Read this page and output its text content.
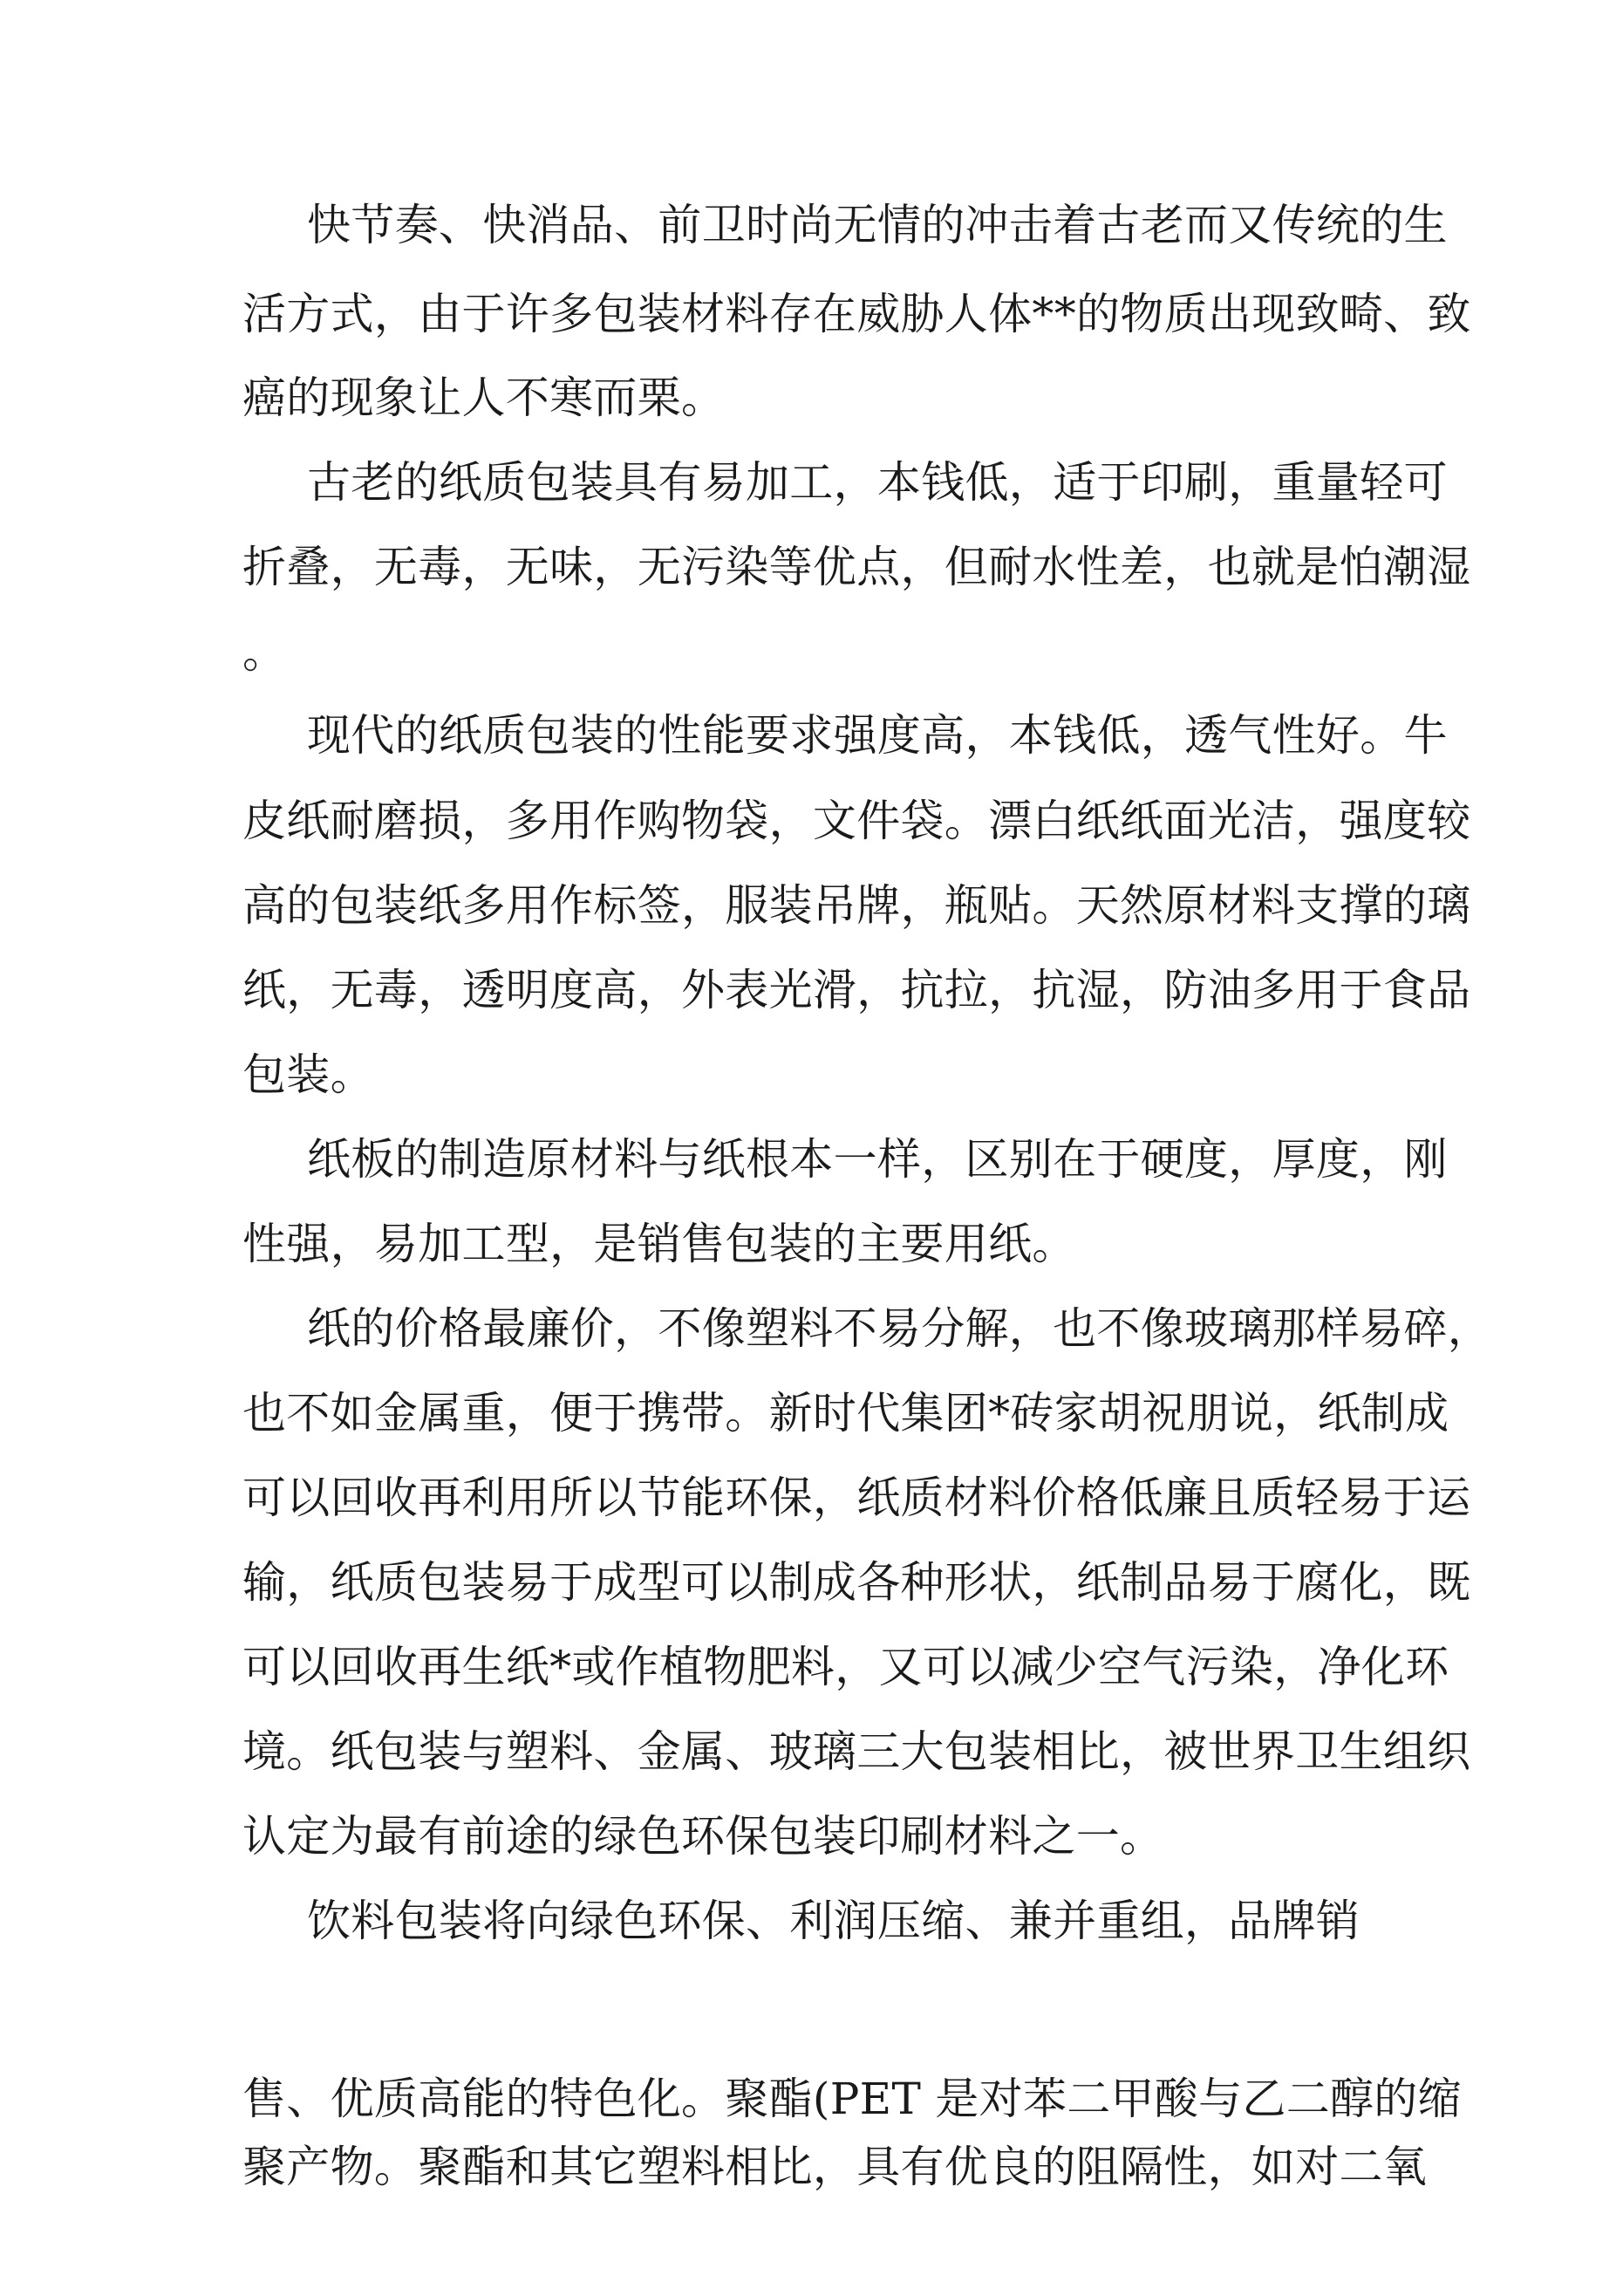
快节奏、快消品、前卫时尚无情的冲击着古老而又传统的生
活方式，由于许多包装材料存在威胁人体**的物质出现致畸、致
癌的现象让人不寒而栗。
古老的纸质包装具有易加工，本钱低，适于印刷，重量轻可
折叠，无毒，无味，无污染等优点，但耐水性差，也就是怕潮湿
。
现代的纸质包装的性能要求强度高，本钱低，透气性好。牛
皮纸耐磨损，多用作购物袋，文件袋。漂白纸纸面光洁，强度较
高的包装纸多用作标签，服装吊牌，瓶贴。天然原材料支撑的璃
纸，无毒，透明度高，外表光滑，抗拉，抗湿，防油多用于食品
包装。
纸板的制造原材料与纸根本一样，区别在于硬度，厚度，刚
性强，易加工型，是销售包装的主要用纸。
纸的价格最廉价，不像塑料不易分解，也不像玻璃那样易碎，
也不如金属重，便于携带。新时代集团*砖家胡祝朋说，纸制成
可以回收再利用所以节能环保，纸质材料价格低廉且质轻易于运
输，纸质包装易于成型可以制成各种形状，纸制品易于腐化，既
可以回收再生纸*或作植物肥料，又可以减少空气污染，净化环
境。纸包装与塑料、金属、玻璃三大包装相比，被世界卫生组织
认定为最有前途的绿色环保包装印刷材料之一。
饮料包装将向绿色环保、利润压缩、兼并重组，品牌销
售、优质高能的特色化。聚酯(PET 是对苯二甲酸与乙二醇的缩
聚产物。聚酯和其它塑料相比，具有优良的阻隔性，如对二氧
